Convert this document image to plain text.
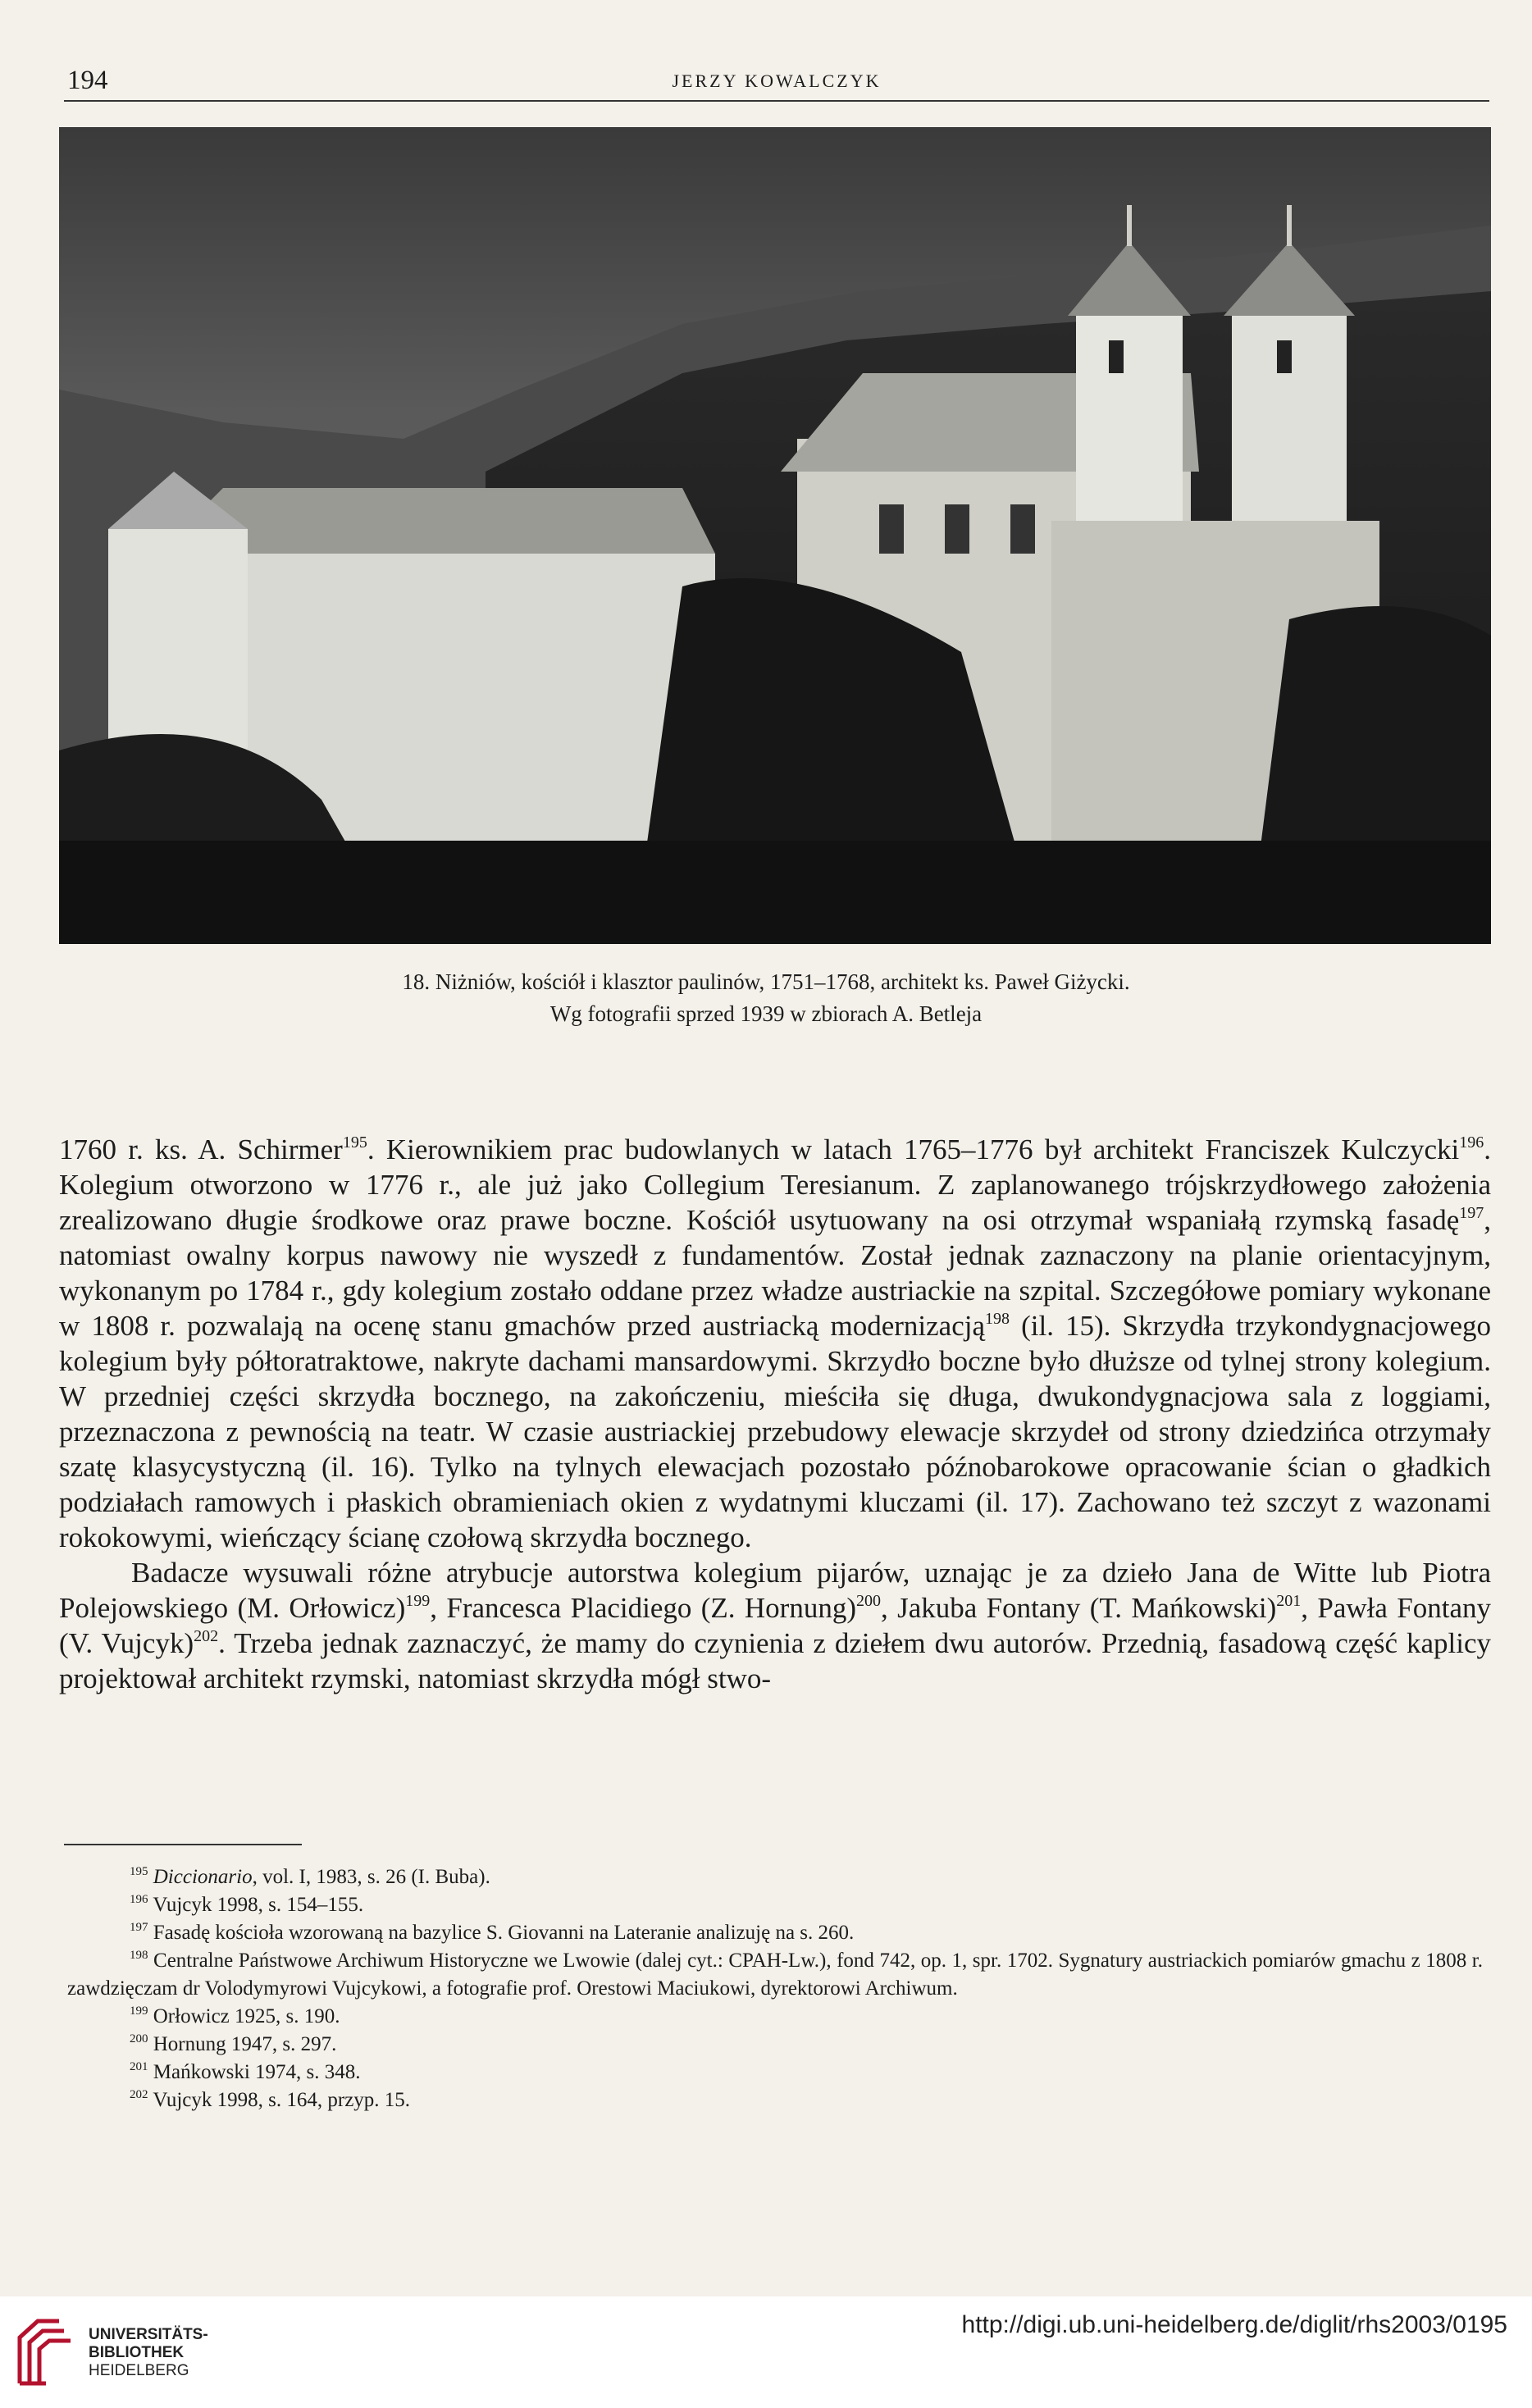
194	JERZY KOWALCZYK
18. Niżniów, kościół i klasztor paulinów, 1751–1768, architekt ks. Paweł Giżycki.
Wg fotografii sprzed 1939 w zbiorach A. Betleja

1760 r. ks. A. Schirmer$^{195}$. Kierownikiem prac budowlanych w latach 1765–1776 był architekt Franciszek Kulczycki$^{196}$. Kolegium otworzono w 1776 r., ale już jako Collegium Teresianum. Z zaplanowanego trójskrzydłowego założenia zrealizowano długie środkowe oraz prawe boczne. Kościół usytuowany na osi otrzymał wspaniałą rzymską fasadę$^{197}$, natomiast owalny korpus nawowy nie wyszedł z fundamentów. Został jednak zaznaczony na planie orientacyjnym, wykonanym po 1784 r., gdy kolegium zostało oddane przez władze austriackie na szpital. Szczegółowe pomiary wykonane w 1808 r. pozwalają na ocenę stanu gmachów przed austriacką modernizacją$^{198}$ (il. 15). Skrzydła trzykondygnacjowego kolegium były półtoratraktowe, nakryte dachami mansardowymi. Skrzydło boczne było dłuższe od tylnej strony kolegium. W przedniej części skrzydła bocznego, na zakończeniu, mieściła się długa, dwukondygnacjowa sala z loggiami, przeznaczona z pewnością na teatr. W czasie austriackiej przebudowy elewacje skrzydeł od strony dziedzińca otrzymały szatę klasycystyczną (il. 16). Tylko na tylnych elewacjach pozostało późnobarokowe opracowanie ścian o gładkich podziałach ramowych i płaskich obramieniach okien z wydatnymi kluczami (il. 17). Zachowano też szczyt z wazonami rokokowymi, wieńczący ścianę czołową skrzydła bocznego.

Badacze wysuwali różne atrybucje autorstwa kolegium pijarów, uznając je za dzieło Jana de Witte lub Piotra Polejowskiego (M. Orłowicz)$^{199}$, Francesca Placidiego (Z. Hornung)$^{200}$, Jakuba Fontany (T. Mańkowski)$^{201}$, Pawła Fontany (V. Vujcyk)$^{202}$. Trzeba jednak zaznaczyć, że mamy do czynienia z dziełem dwu autorów. Przednią, fasadową część kaplicy projektował architekt rzymski, natomiast skrzydła mógł stwo-

$^{195}$ Diccionario, vol. I, 1983, s. 26 (I. Buba).

$^{196}$ Vujcyk 1998, s. 154–155.

$^{197}$ Fasadę kościoła wzorowaną na bazylice S. Giovanni na Lateranie analizuję na s. 260.

$^{198}$ Centralne Państwowe Archiwum Historyczne we Lwowie (dalej cyt.: CPAH-Lw.), fond 742, op. 1, spr. 1702. Sygnatury austriackich pomiarów gmachu z 1808 r. zawdzięczam dr Volodymyrowi Vujcykowi, a fotografie prof. Orestowi Maciukowi, dyrektorowi Archiwum.

$^{199}$ Orłowicz 1925, s. 190.

$^{200}$ Hornung 1947, s. 297.

$^{201}$ Mańkowski 1974, s. 348.

$^{202}$ Vujcyk 1998, s. 164, przyp. 15.

UNIVERSITÄTS-
BIBLIOTHEK
HEIDELBERG
http://digi.ub.uni-heidelberg.de/diglit/rhs2003/0195
